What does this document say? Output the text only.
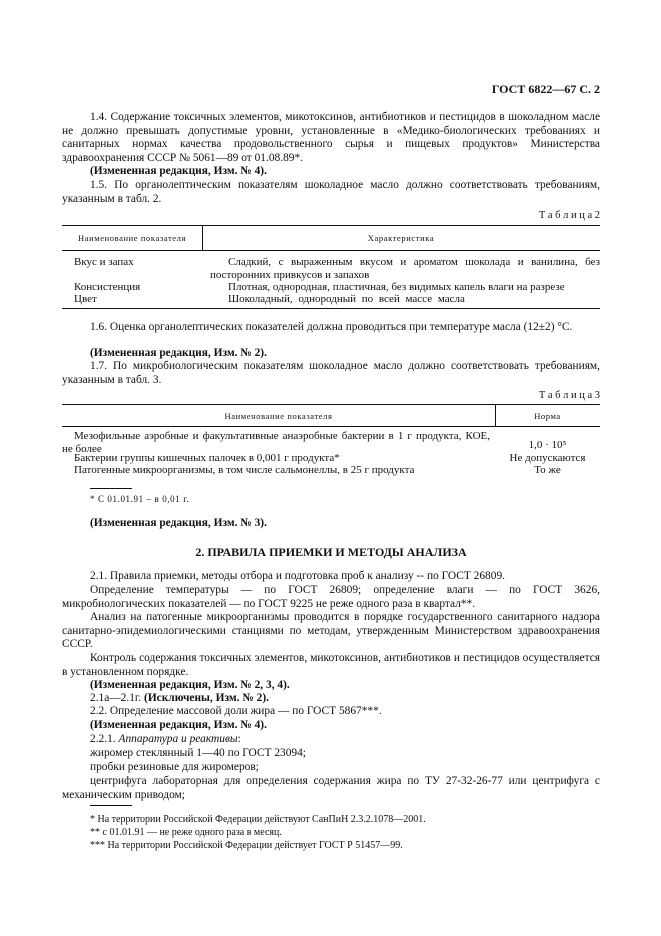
ГОСТ 6822—67 С. 2
1.4. Содержание токсичных элементов, микотоксинов, антибиотиков и пестицидов в шоколадном масле не должно превышать допустимые уровни, установленные в «Медико-биологических требованиях и санитарных нормах качества продовольственного сырья и пищевых продуктов» Министерства здравоохранения СССР № 5061—89 от 01.08.89*.
(Измененная редакция, Изм. № 4).
1.5. По органолептическим показателям шоколадное масло должно соответствовать требованиям, указанным в табл. 2.
Т а б л и ц а 2
Наименование показателя	Характеристика
Вкус и запах	Сладкий, с выраженным вкусом и ароматом шоколада и ванилина, без посторонних привкусов и запахов
Консистенция	Плотная, однородная, пластичная, без видимых капель влаги на разрезе
Цвет	Шоколадный, однородный по всей массе масла
1.6. Оценка органолептических показателей должна проводиться при температуре масла (12±2) °С.
(Измененная редакция, Изм. № 2).
1.7. По микробиологическим показателям шоколадное масло должно соответствовать требованиям, указанным в табл. 3.
Т а б л и ц а 3
Наименование показателя	Норма
Мезофильные аэробные и факультативные анаэробные бактерии в 1 г продукта, КОЕ, не более	1,0 · 10⁵
Бактерии группы кишечных палочек в 0,001 г продукта*	Не допускаются
Патогенные микроорганизмы, в том числе сальмонеллы, в 25 г продукта	То же
* С 01.01.91 – в 0,01 г.
(Измененная редакция, Изм. № 3).
2. ПРАВИЛА ПРИЕМКИ И МЕТОДЫ АНАЛИЗА
2.1. Правила приемки, методы отбора и подготовка проб к анализу -- по ГОСТ 26809.
Определение температуры — по ГОСТ 26809; определение влаги — по ГОСТ 3626, микробиологических показателей — по ГОСТ 9225 не реже одного раза в квартал**.
Анализ на патогенные микроорганизмы проводится в порядке государственного санитарного надзора санитарно-эпидемиологическими станциями по методам, утвержденным Министерством здравоохранения СССР.
Контроль содержания токсичных элементов, микотоксинов, антибиотиков и пестицидов осуществляется в установленном порядке.
(Измененная редакция, Изм. № 2, 3, 4).
2.1а—2.1г. (Исключены, Изм. № 2).
2.2. Определение массовой доли жира — по ГОСТ 5867***.
(Измененная редакция, Изм. № 4).
2.2.1. Аппаратура и реактивы:
жиромер стеклянный 1—40 по ГОСТ 23094;
пробки резиновые для жиромеров;
центрифуга лабораторная для определения содержания жира по ТУ 27-32-26-77 или центрифуга с механическим приводом;
* На территории Российской Федерации действуют СанПиН 2.3.2.1078—2001.
** с 01.01.91 — не реже одного раза в месяц.
*** На территории Российской Федерации действует ГОСТ Р 51457—99.
